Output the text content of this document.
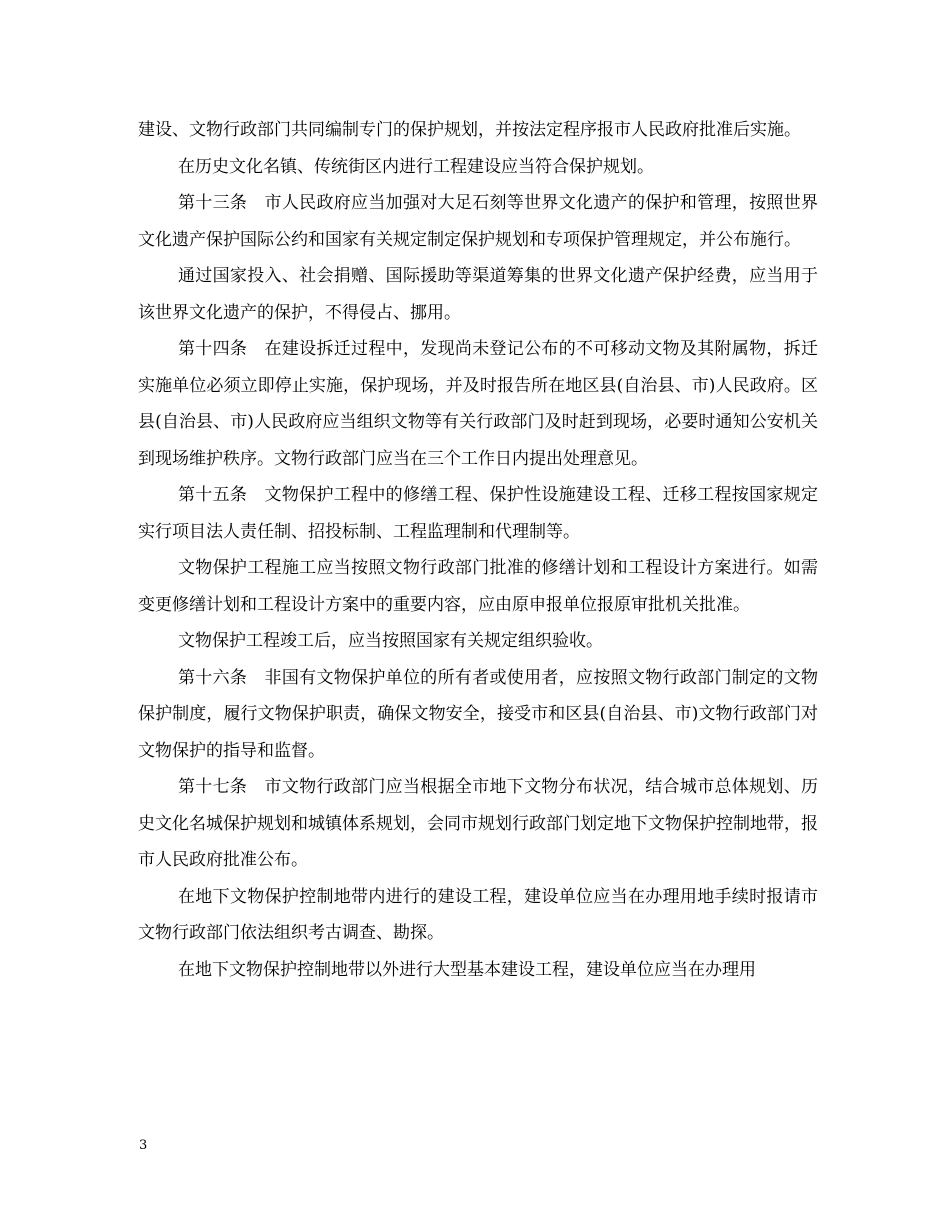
建设、文物行政部门共同编制专门的保护规划，并按法定程序报市人民政府批准后实施。

在历史文化名镇、传统街区内进行工程建设应当符合保护规划。

第十三条　市人民政府应当加强对大足石刻等世界文化遗产的保护和管理，按照世界文化遗产保护国际公约和国家有关规定制定保护规划和专项保护管理规定，并公布施行。

通过国家投入、社会捐赠、国际援助等渠道筹集的世界文化遗产保护经费，应当用于该世界文化遗产的保护，不得侵占、挪用。

第十四条　在建设拆迁过程中，发现尚未登记公布的不可移动文物及其附属物，拆迁实施单位必须立即停止实施，保护现场，并及时报告所在地区县(自治县、市)人民政府。区县(自治县、市)人民政府应当组织文物等有关行政部门及时赶到现场，必要时通知公安机关到现场维护秩序。文物行政部门应当在三个工作日内提出处理意见。

第十五条　文物保护工程中的修缮工程、保护性设施建设工程、迁移工程按国家规定实行项目法人责任制、招投标制、工程监理制和代理制等。

文物保护工程施工应当按照文物行政部门批准的修缮计划和工程设计方案进行。如需变更修缮计划和工程设计方案中的重要内容，应由原申报单位报原审批机关批准。

文物保护工程竣工后，应当按照国家有关规定组织验收。

第十六条　非国有文物保护单位的所有者或使用者，应按照文物行政部门制定的文物保护制度，履行文物保护职责，确保文物安全，接受市和区县(自治县、市)文物行政部门对文物保护的指导和监督。

第十七条　市文物行政部门应当根据全市地下文物分布状况，结合城市总体规划、历史文化名城保护规划和城镇体系规划，会同市规划行政部门划定地下文物保护控制地带，报市人民政府批准公布。

在地下文物保护控制地带内进行的建设工程，建设单位应当在办理用地手续时报请市文物行政部门依法组织考古调查、勘探。

在地下文物保护控制地带以外进行大型基本建设工程，建设单位应当在办理用

3
